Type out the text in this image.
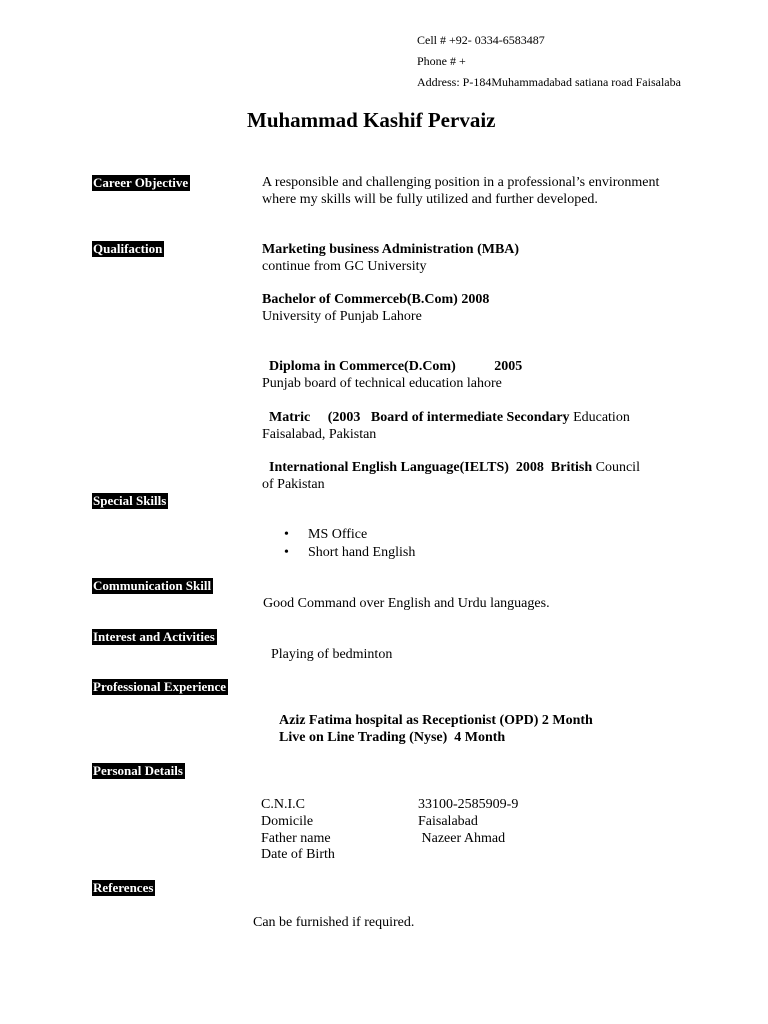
Cell # +92- 0334-6583487
Phone # +
Address: P-184Muhammadabad satiana road Faisalaba
Muhammad Kashif Pervaiz
Career Objective	A responsible and challenging position in a professional’s environment where my skills will be fully utilized and further developed.
Qualifaction	Marketing business Administration (MBA)
continue from GC University
Bachelor of Commerceb(B.Com) 2008
University of Punjab Lahore

Diploma in Commerce(D.Com)           2005
Punjab board of technical education lahore

Matric     (2003   Board of intermediate Secondary Education
Faisalabad, Pakistan

International English Language(IELTS)  2008  British Council
of Pakistan

Special Skills
• MS Office
• Short hand English
Communication Skill
Good Command over English and Urdu languages.
Interest and Activities
Playing of bedminton
Professional Experience
Aziz Fatima hospital as Receptionist (OPD) 2 Month
Live on Line Trading (Nyse)  4 Month
Personal Details
C.N.I.C	33100-2585909-9
Domicile	Faisalabad
Father name	Nazeer Ahmad
Date of Birth
References
Can be furnished if required.
